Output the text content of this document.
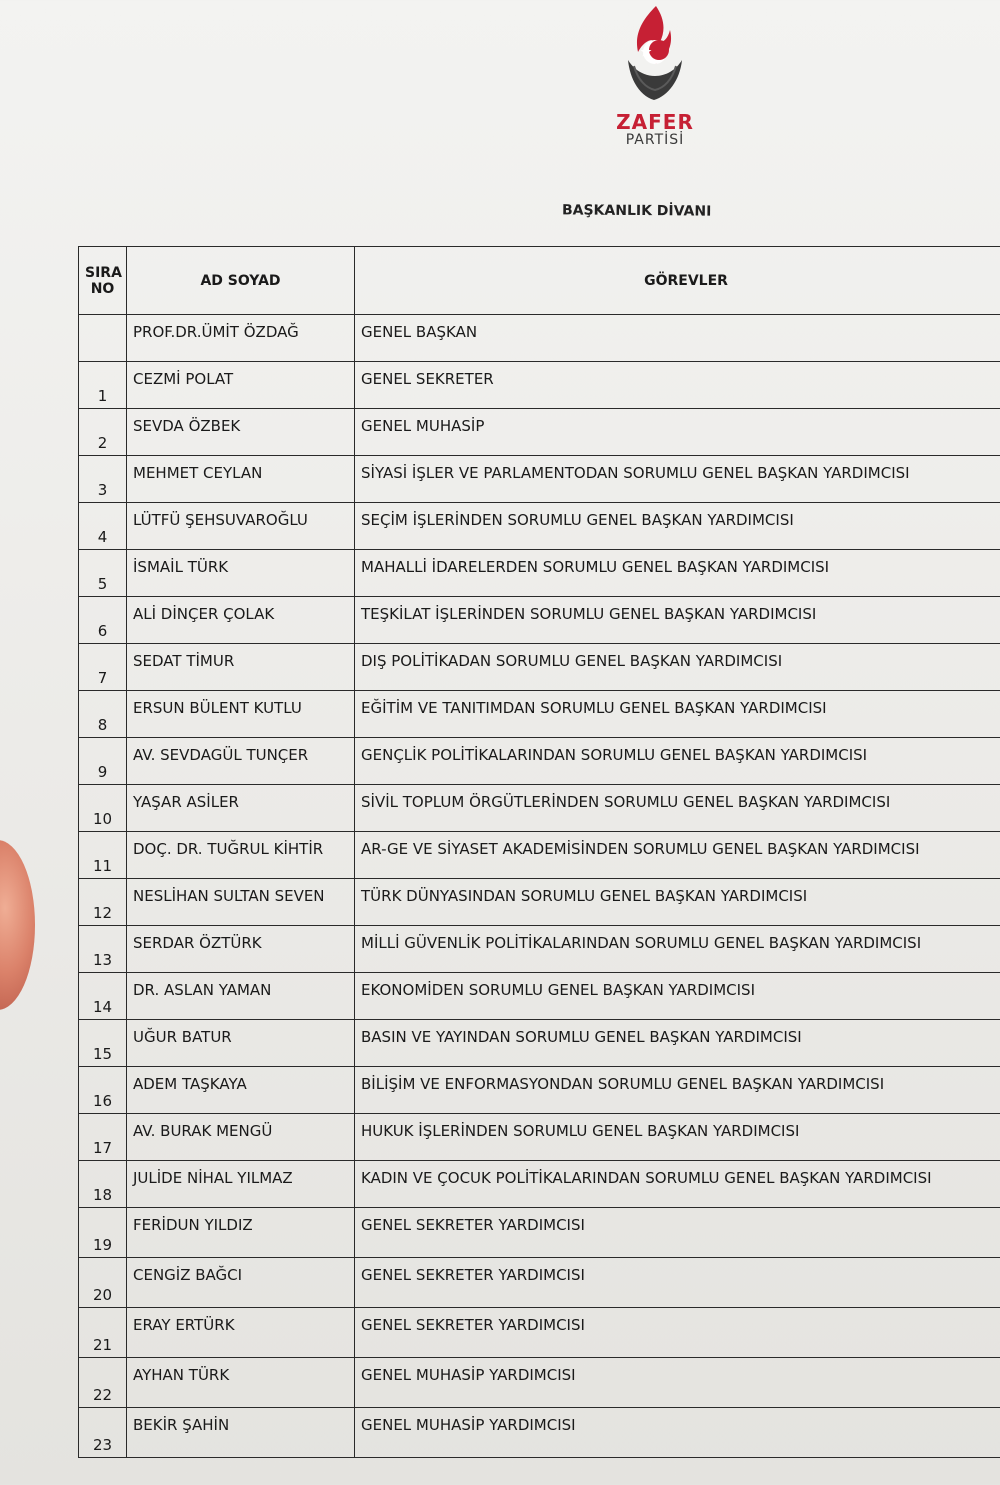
ZAFER
PARTİSİ
BAŞKANLIK DİVANI
SIRA NO	AD SOYAD	GÖREVLER
	PROF.DR.ÜMİT ÖZDAĞ	GENEL BAŞKAN
1	CEZMİ POLAT	GENEL SEKRETER
2	SEVDA ÖZBEK	GENEL MUHASİP
3	MEHMET CEYLAN	SİYASİ İŞLER VE PARLAMENTODAN SORUMLU GENEL BAŞKAN YARDIMCISI
4	LÜTFÜ ŞEHSUVAROĞLU	SEÇİM İŞLERİNDEN SORUMLU GENEL BAŞKAN YARDIMCISI
5	İSMAİL TÜRK	MAHALLİ İDARELERDEN SORUMLU GENEL BAŞKAN YARDIMCISI
6	ALİ DİNÇER ÇOLAK	TEŞKİLAT İŞLERİNDEN SORUMLU GENEL BAŞKAN YARDIMCISI
7	SEDAT TİMUR	DIŞ POLİTİKADAN SORUMLU GENEL BAŞKAN YARDIMCISI
8	ERSUN BÜLENT KUTLU	EĞİTİM VE TANITIMDAN SORUMLU GENEL BAŞKAN YARDIMCISI
9	AV. SEVDAGÜL TUNÇER	GENÇLİK POLİTİKALARINDAN SORUMLU GENEL BAŞKAN YARDIMCISI
10	YAŞAR ASİLER	SİVİL TOPLUM ÖRGÜTLERİNDEN SORUMLU GENEL BAŞKAN YARDIMCISI
11	DOÇ. DR. TUĞRUL KİHTİR	AR-GE VE SİYASET AKADEMİSİNDEN SORUMLU GENEL BAŞKAN YARDIMCISI
12	NESLİHAN SULTAN SEVEN	TÜRK DÜNYASINDAN SORUMLU GENEL BAŞKAN YARDIMCISI
13	SERDAR ÖZTÜRK	MİLLİ GÜVENLİK POLİTİKALARINDAN SORUMLU GENEL BAŞKAN YARDIMCISI
14	DR. ASLAN YAMAN	EKONOMİDEN SORUMLU GENEL BAŞKAN YARDIMCISI
15	UĞUR BATUR	BASIN VE YAYINDAN SORUMLU GENEL BAŞKAN YARDIMCISI
16	ADEM TAŞKAYA	BİLİŞİM VE ENFORMASYONDAN SORUMLU GENEL BAŞKAN YARDIMCISI
17	AV. BURAK MENGÜ	HUKUK İŞLERİNDEN SORUMLU GENEL BAŞKAN YARDIMCISI
18	JULİDE NİHAL YILMAZ	KADIN VE ÇOCUK POLİTİKALARINDAN SORUMLU GENEL BAŞKAN YARDIMCISI
19	FERİDUN YILDIZ	GENEL SEKRETER YARDIMCISI
20	CENGİZ BAĞCI	GENEL SEKRETER YARDIMCISI
21	ERAY ERTÜRK	GENEL SEKRETER YARDIMCISI
22	AYHAN TÜRK	GENEL MUHASİP YARDIMCISI
23	BEKİR ŞAHİN	GENEL MUHASİP YARDIMCISI
